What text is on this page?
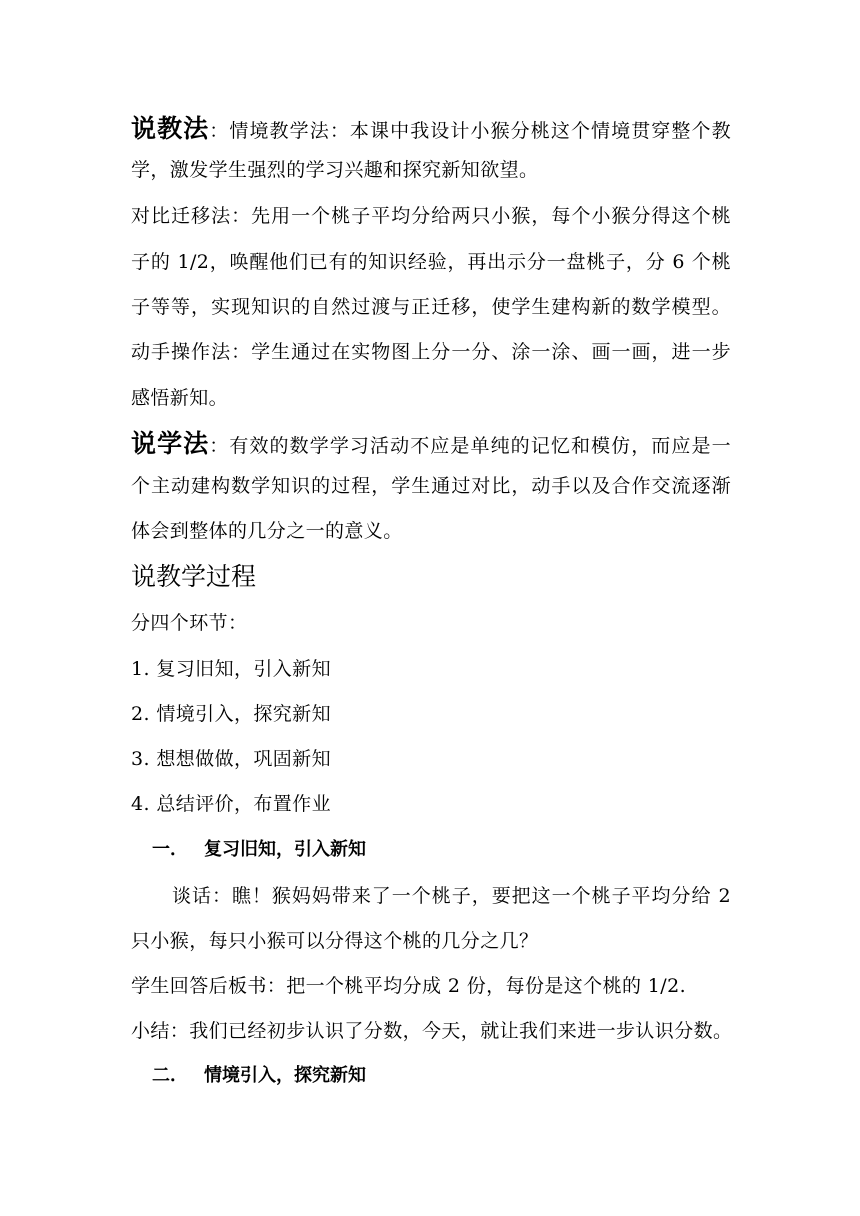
说教法：情境教学法：本课中我设计小猴分桃这个情境贯穿整个教
学，激发学生强烈的学习兴趣和探究新知欲望。
对比迁移法：先用一个桃子平均分给两只小猴，每个小猴分得这个桃
子的 1/2，唤醒他们已有的知识经验，再出示分一盘桃子，分 6 个桃
子等等，实现知识的自然过渡与正迁移，使学生建构新的数学模型。
动手操作法：学生通过在实物图上分一分、涂一涂、画一画，进一步
感悟新知。
说学法：有效的数学学习活动不应是单纯的记忆和模仿，而应是一
个主动建构数学知识的过程，学生通过对比，动手以及合作交流逐渐
体会到整体的几分之一的意义。
说教学过程
分四个环节：
1. 复习旧知，引入新知
2. 情境引入，探究新知
3. 想想做做，巩固新知
4. 总结评价，布置作业
一． 复习旧知，引入新知
谈话：瞧！猴妈妈带来了一个桃子，要把这一个桃子平均分给 2
只小猴，每只小猴可以分得这个桃的几分之几？
学生回答后板书：把一个桃平均分成 2 份，每份是这个桃的 1/2.
小结：我们已经初步认识了分数，今天，就让我们来进一步认识分数。
二． 情境引入，探究新知
